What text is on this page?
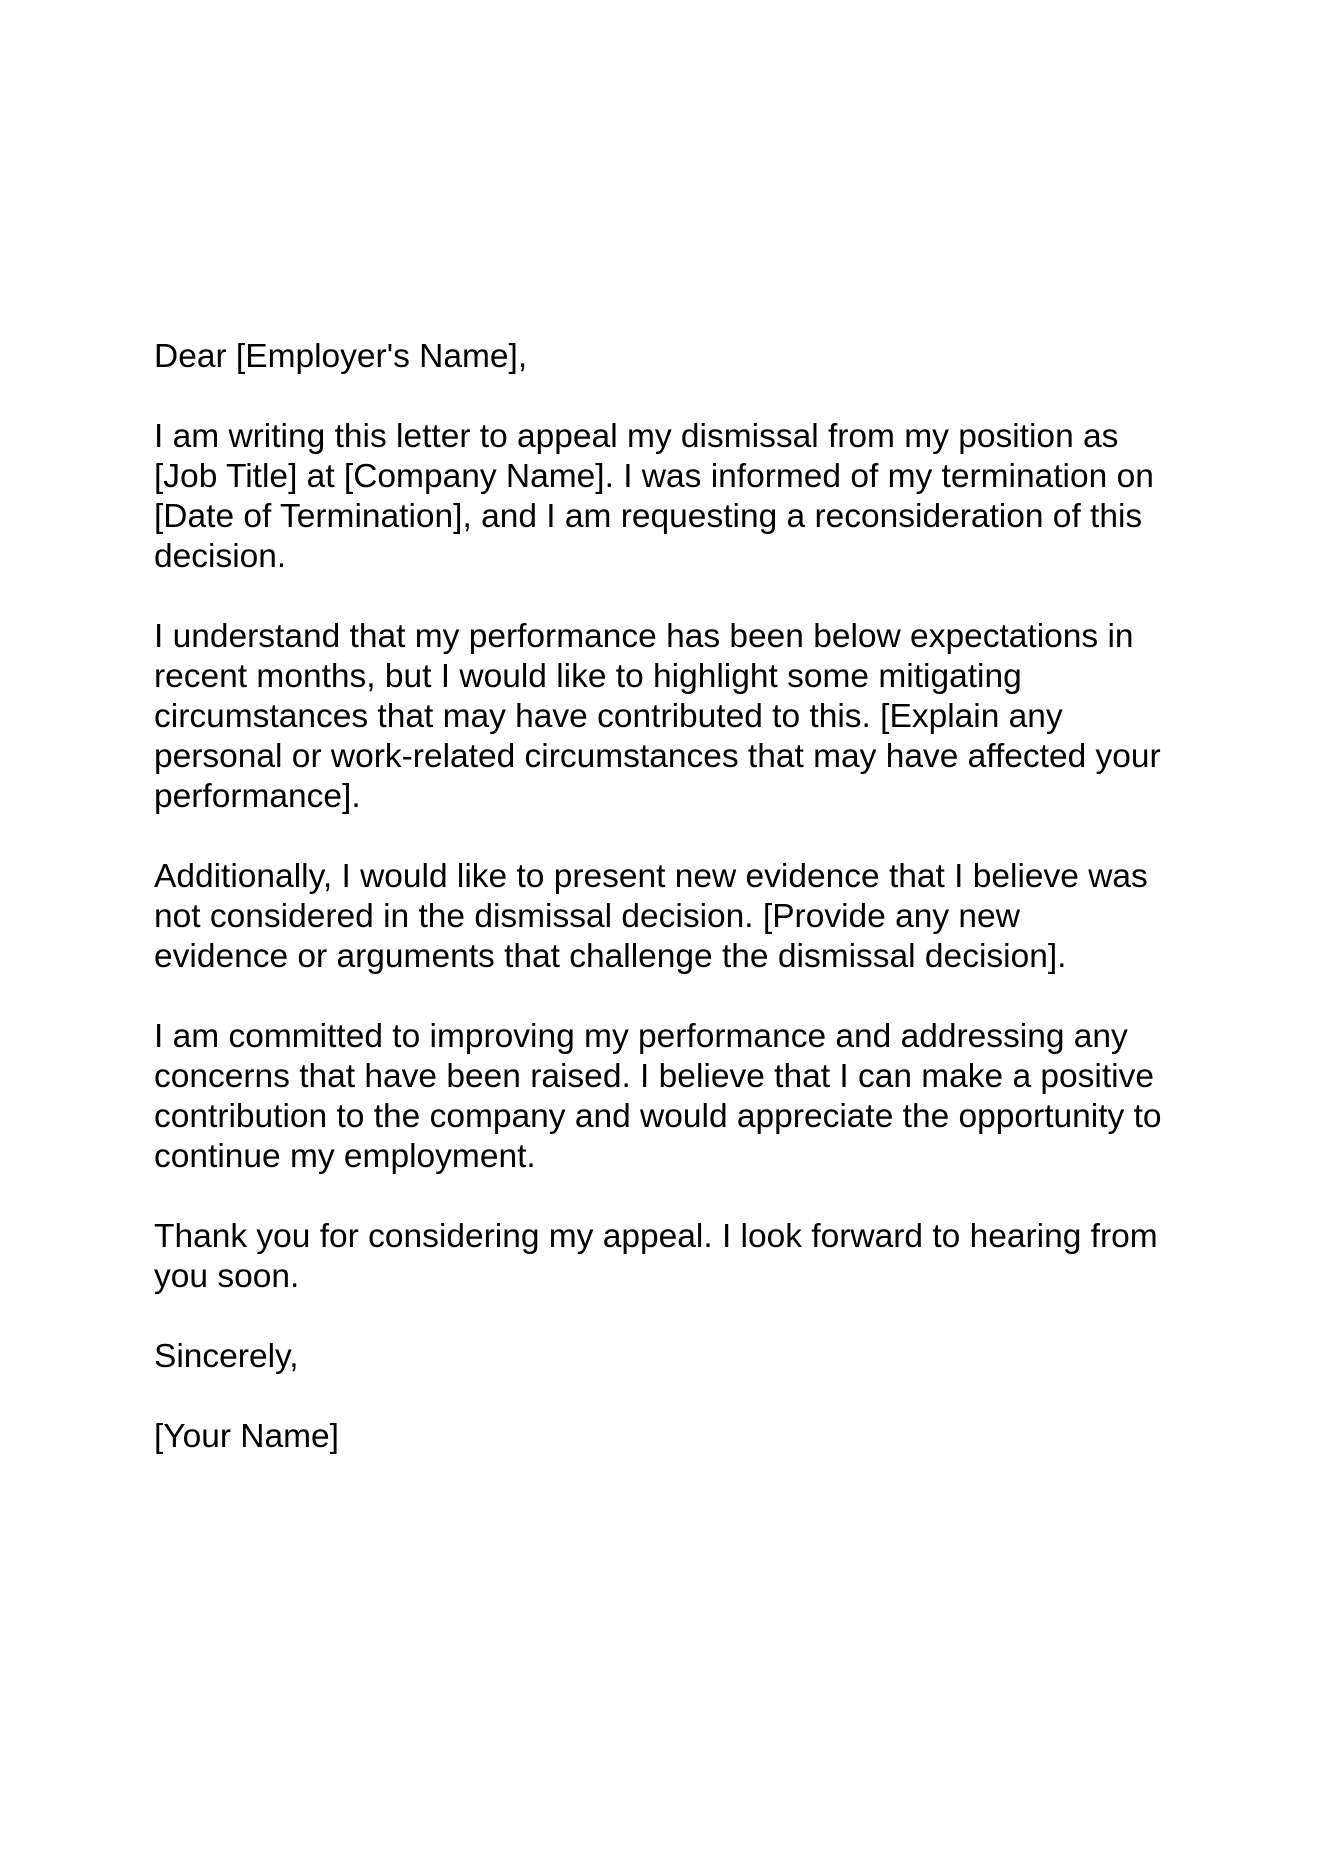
Dear [Employer's Name],
I am writing this letter to appeal my dismissal from my position as
[Job Title] at [Company Name]. I was informed of my termination on
[Date of Termination], and I am requesting a reconsideration of this
decision.
I understand that my performance has been below expectations in
recent months, but I would like to highlight some mitigating
circumstances that may have contributed to this. [Explain any
personal or work-related circumstances that may have affected your
performance].
Additionally, I would like to present new evidence that I believe was
not considered in the dismissal decision. [Provide any new
evidence or arguments that challenge the dismissal decision].
I am committed to improving my performance and addressing any
concerns that have been raised. I believe that I can make a positive
contribution to the company and would appreciate the opportunity to
continue my employment.
Thank you for considering my appeal. I look forward to hearing from
you soon.
Sincerely,
[Your Name]
